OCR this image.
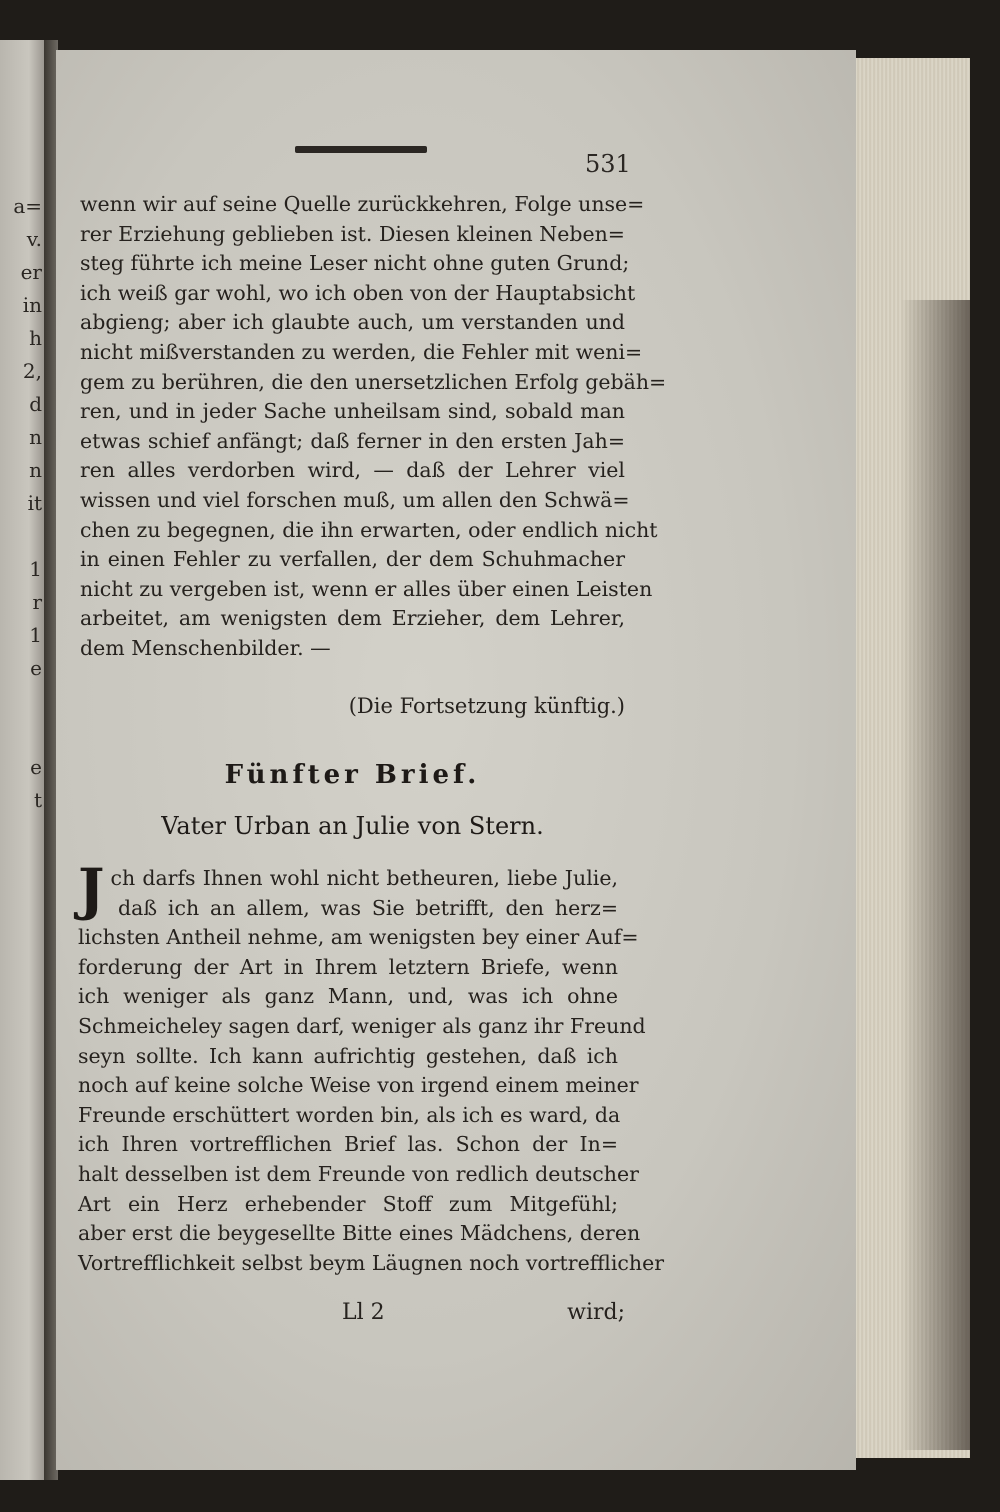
a=
v.
er
in
h
2,
d
n
n
it

1
r
1
e

e
t
531
wenn wir auf seine Quelle zurückkehren, Folge unse=
rer Erziehung geblieben ist. Diesen kleinen Neben=
steg führte ich meine Leser nicht ohne guten Grund;
ich weiß gar wohl, wo ich oben von der Hauptabsicht
abgieng; aber ich glaubte auch, um verstanden und
nicht mißverstanden zu werden, die Fehler mit weni=
gem zu berühren, die den unersetzlichen Erfolg gebäh=
ren, und in jeder Sache unheilsam sind, sobald man
etwas schief anfängt; daß ferner in den ersten Jah=
ren alles verdorben wird, — daß der Lehrer viel
wissen und viel forschen muß, um allen den Schwä=
chen zu begegnen, die ihn erwarten, oder endlich nicht
in einen Fehler zu verfallen, der dem Schuhmacher
nicht zu vergeben ist, wenn er alles über einen Leisten
arbeitet, am wenigsten dem Erzieher, dem Lehrer,
dem Menschenbilder. —
(Die Fortsetzung künftig.)
Fünfter Brief.
Vater Urban an Julie von Stern.
J ch darfs Ihnen wohl nicht betheuren, liebe Julie,
daß ich an allem, was Sie betrifft, den herz=
lichsten Antheil nehme, am wenigsten bey einer Auf=
forderung der Art in Ihrem letztern Briefe, wenn
ich weniger als ganz Mann, und, was ich ohne
Schmeicheley sagen darf, weniger als ganz ihr Freund
seyn sollte. Ich kann aufrichtig gestehen, daß ich
noch auf keine solche Weise von irgend einem meiner
Freunde erschüttert worden bin, als ich es ward, da
ich Ihren vortrefflichen Brief las. Schon der In=
halt desselben ist dem Freunde von redlich deutscher
Art ein Herz erhebender Stoff zum Mitgefühl;
aber erst die beygesellte Bitte eines Mädchens, deren
Vortrefflichkeit selbst beym Läugnen noch vortrefflicher
Ll 2	wird;
